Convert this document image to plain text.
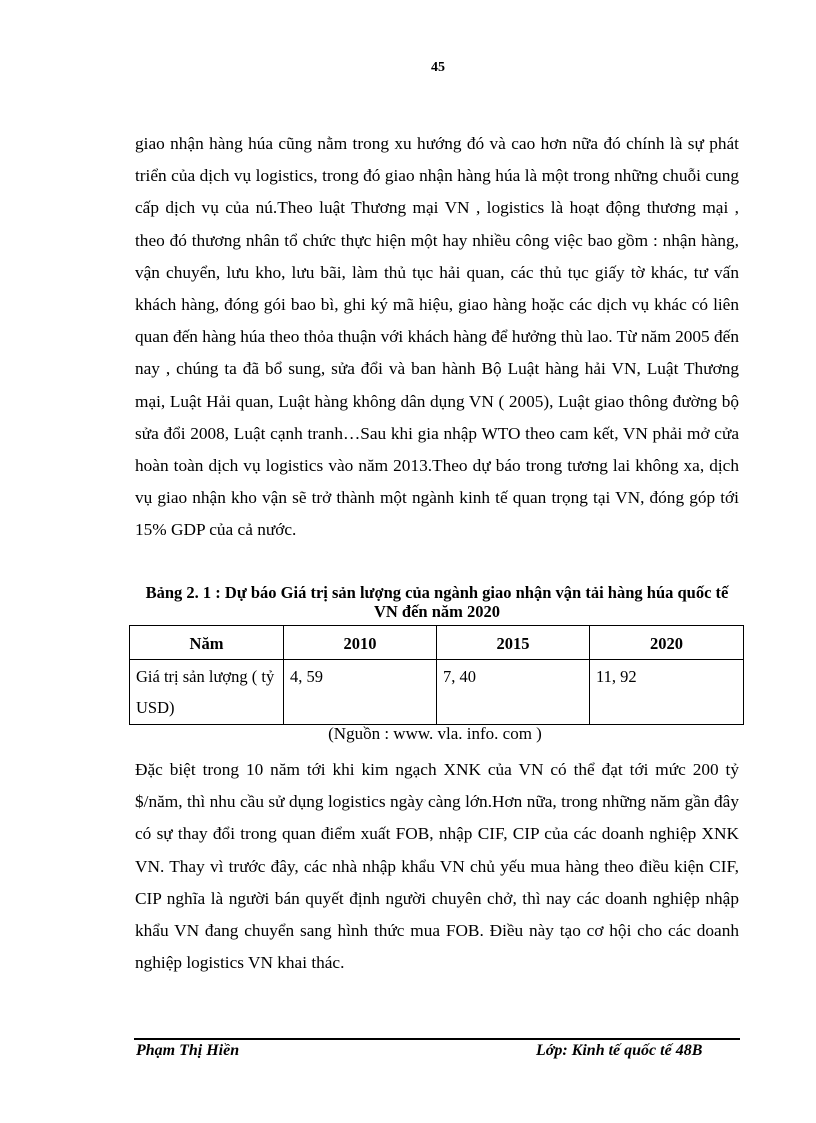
45

giao nhận hàng húa cũng nằm trong xu hướng đó và cao hơn nữa đó chính là sự phát triển của dịch vụ logistics, trong đó giao nhận hàng húa là một trong những chuỗi cung cấp dịch vụ của nú.Theo luật Thương mại VN , logistics là hoạt động thương mại , theo đó thương nhân tổ chức thực hiện một hay nhiều công việc bao gồm : nhận hàng, vận chuyển, lưu kho, lưu bãi, làm thủ tục hải quan, các thủ tục giấy tờ khác, tư vấn khách hàng, đóng gói bao bì, ghi ký mã hiệu, giao hàng hoặc các dịch vụ khác có liên quan đến hàng húa theo thỏa thuận với khách hàng để hưởng thù lao. Từ năm 2005 đến nay , chúng ta đã bổ sung, sửa đổi và ban hành Bộ Luật hàng hải VN, Luật Thương mại, Luật Hải quan, Luật hàng không dân dụng VN ( 2005), Luật giao thông đường bộ sửa đổi 2008, Luật cạnh tranh…Sau khi gia nhập WTO theo cam kết, VN phải mở cửa hoàn toàn dịch vụ logistics vào năm 2013.Theo dự báo trong tương lai không xa, dịch vụ giao nhận kho vận sẽ trở thành một ngành kinh tế quan trọng tại VN, đóng góp tới 15% GDP của cả nước.

Bảng 2. 1 : Dự báo Giá trị sản lượng của ngành giao nhận vận tải hàng húa quốc tế VN đến năm 2020

Năm	2010	2015	2020
Giá trị sản lượng ( tỷ USD)	4, 59	7, 40	11, 92
(Nguồn : www. vla. info. com )

Đặc biệt trong 10 năm tới khi kim ngạch XNK của VN có thể đạt tới mức 200 tỷ $/năm, thì nhu cầu sử dụng logistics ngày càng lớn.Hơn nữa, trong những năm gần đây có sự thay đổi trong quan điểm xuất FOB, nhập CIF, CIP của các doanh nghiệp XNK VN. Thay vì trước đây, các nhà nhập khẩu VN chủ yếu mua hàng theo điều kiện CIF, CIP nghĩa là người bán quyết định người chuyên chở, thì nay các doanh nghiệp nhập khẩu VN đang chuyển sang hình thức mua FOB. Điều này tạo cơ hội cho các doanh nghiệp logistics VN khai thác.

Phạm Thị Hiền	Lớp: Kinh tế quốc tế 48B
